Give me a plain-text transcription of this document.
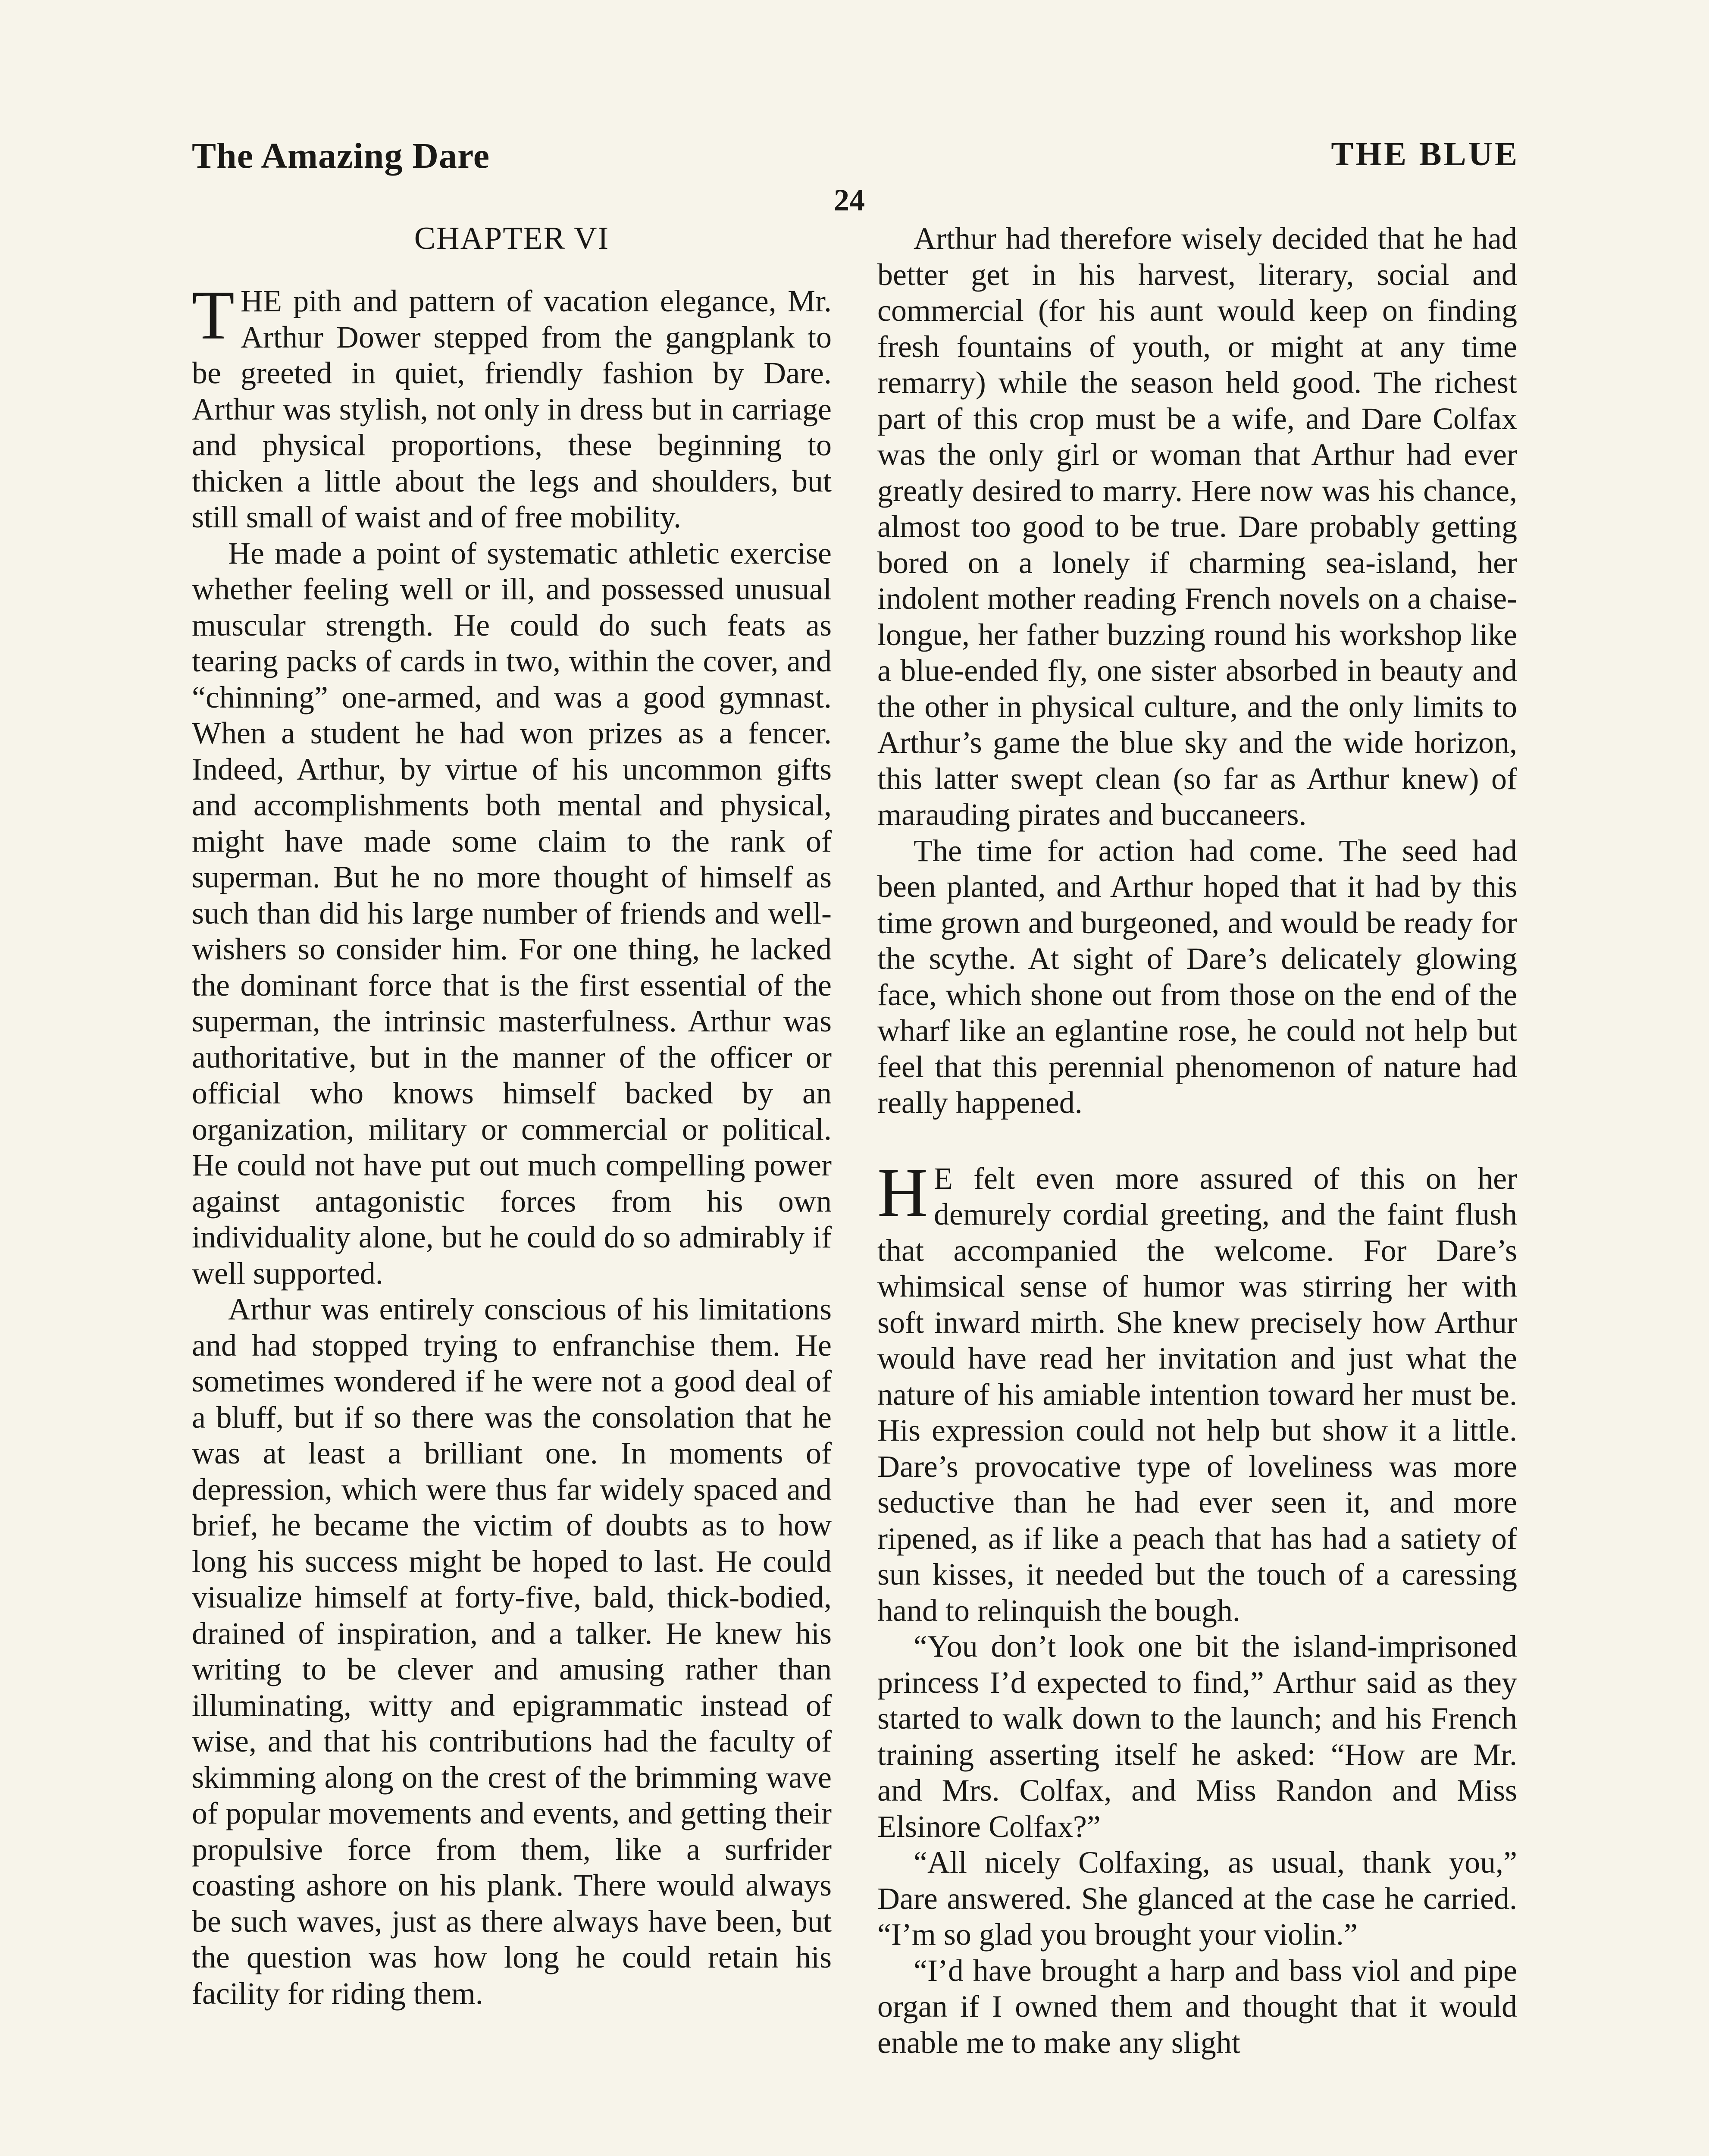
The Amazing Dare	THE BLUE
24
CHAPTER VI

THE pith and pattern of vacation elegance, Mr. Arthur Dower stepped from the gangplank to be greeted in quiet, friendly fashion by Dare. Arthur was stylish, not only in dress but in carriage and physical proportions, these beginning to thicken a little about the legs and shoulders, but still small of waist and of free mobility.

He made a point of systematic athletic exercise whether feeling well or ill, and possessed unusual muscular strength. He could do such feats as tearing packs of cards in two, within the cover, and “chinning” one-armed, and was a good gymnast. When a student he had won prizes as a fencer. Indeed, Arthur, by virtue of his uncommon gifts and accomplishments both mental and physical, might have made some claim to the rank of superman. But he no more thought of himself as such than did his large number of friends and well-wishers so consider him. For one thing, he lacked the dominant force that is the first essential of the superman, the intrinsic masterfulness. Arthur was authoritative, but in the manner of the officer or official who knows himself backed by an organization, military or commercial or political. He could not have put out much compelling power against antagonistic forces from his own individuality alone, but he could do so admirably if well supported.

Arthur was entirely conscious of his limitations and had stopped trying to enfranchise them. He sometimes wondered if he were not a good deal of a bluff, but if so there was the consolation that he was at least a brilliant one. In moments of depression, which were thus far widely spaced and brief, he became the victim of doubts as to how long his success might be hoped to last. He could visualize himself at forty-five, bald, thick-bodied, drained of inspiration, and a talker. He knew his writing to be clever and amusing rather than illuminating, witty and epigrammatic instead of wise, and that his contributions had the faculty of skimming along on the crest of the brimming wave of popular movements and events, and getting their propulsive force from them, like a surfrider coasting ashore on his plank. There would always be such waves, just as there always have been, but the question was how long he could retain his facility for riding them.

Arthur had therefore wisely decided that he had better get in his harvest, literary, social and commercial (for his aunt would keep on finding fresh fountains of youth, or might at any time remarry) while the season held good. The richest part of this crop must be a wife, and Dare Colfax was the only girl or woman that Arthur had ever greatly desired to marry. Here now was his chance, almost too good to be true. Dare probably getting bored on a lonely if charming sea-island, her indolent mother reading French novels on a chaise-longue, her father buzzing round his workshop like a blue-ended fly, one sister absorbed in beauty and the other in physical culture, and the only limits to Arthur’s game the blue sky and the wide horizon, this latter swept clean (so far as Arthur knew) of marauding pirates and buccaneers.

The time for action had come. The seed had been planted, and Arthur hoped that it had by this time grown and burgeoned, and would be ready for the scythe. At sight of Dare’s delicately glowing face, which shone out from those on the end of the wharf like an eglantine rose, he could not help but feel that this perennial phenomenon of nature had really happened.

H E felt even more assured of this on her demurely cordial greeting, and the faint flush that accompanied the welcome. For Dare’s whimsical sense of humor was stirring her with soft inward mirth. She knew precisely how Arthur would have read her invitation and just what the nature of his amiable intention toward her must be. His expression could not help but show it a little. Dare’s provocative type of loveliness was more seductive than he had ever seen it, and more ripened, as if like a peach that has had a satiety of sun kisses, it needed but the touch of a caressing hand to relinquish the bough.

“You don’t look one bit the island-imprisoned princess I’d expected to find,” Arthur said as they started to walk down to the launch; and his French training asserting itself he asked: “How are Mr. and Mrs. Colfax, and Miss Randon and Miss Elsinore Colfax?”

“All nicely Colfaxing, as usual, thank you,” Dare answered. She glanced at the case he carried. “I’m so glad you brought your violin.”

“I’d have brought a harp and bass viol and pipe organ if I owned them and thought that it would enable me to make any slight
